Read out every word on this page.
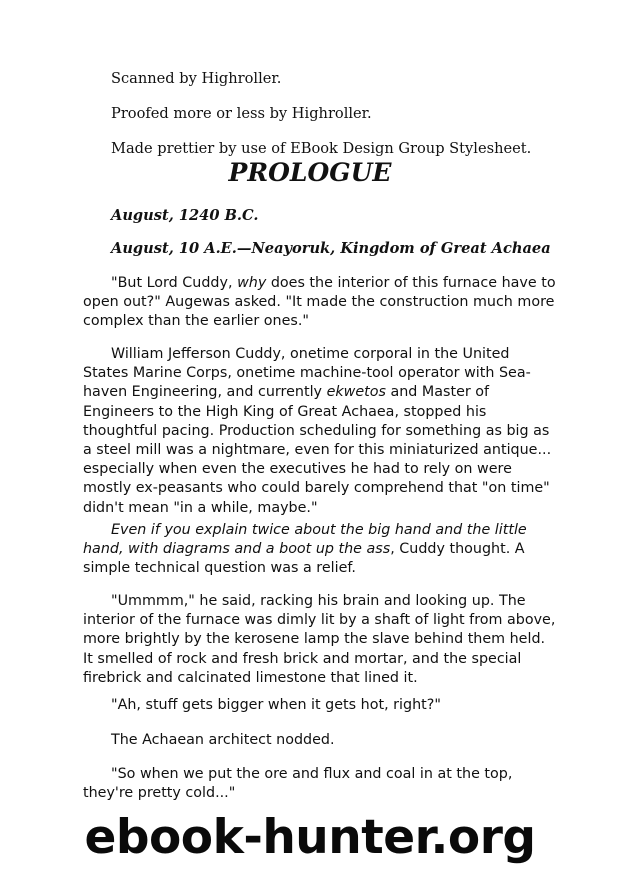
Scanned by Highroller.

Proofed more or less by Highroller.

Made prettier by use of EBook Design Group Stylesheet.

PROLOGUE

August, 1240 B.C.

August, 10 A.E.—Neayoruk, Kingdom of Great Achaea

"But Lord Cuddy, why does the interior of this furnace have to open out?" Augewas asked. "It made the construction much more complex than the earlier ones."

William Jefferson Cuddy, onetime corporal in the United States Marine Corps, onetime machine-tool operator with Sea-haven Engineering, and currently ekwetos and Master of Engineers to the High King of Great Achaea, stopped his thoughtful pacing. Production scheduling for something as big as a steel mill was a nightmare, even for this miniaturized antique... especially when even the executives he had to rely on were mostly ex-peasants who could barely comprehend that "on time" didn't mean "in a while, maybe."

Even if you explain twice about the big hand and the little hand, with diagrams and a boot up the ass, Cuddy thought. A simple technical question was a relief.

"Ummmm," he said, racking his brain and looking up. The interior of the furnace was dimly lit by a shaft of light from above, more brightly by the kerosene lamp the slave behind them held. It smelled of rock and fresh brick and mortar, and the special firebrick and calcinated limestone that lined it.

"Ah, stuff gets bigger when it gets hot, right?"

The Achaean architect nodded.

"So when we put the ore and flux and coal in at the top, they're pretty cold..."

ebook-hunter.org
